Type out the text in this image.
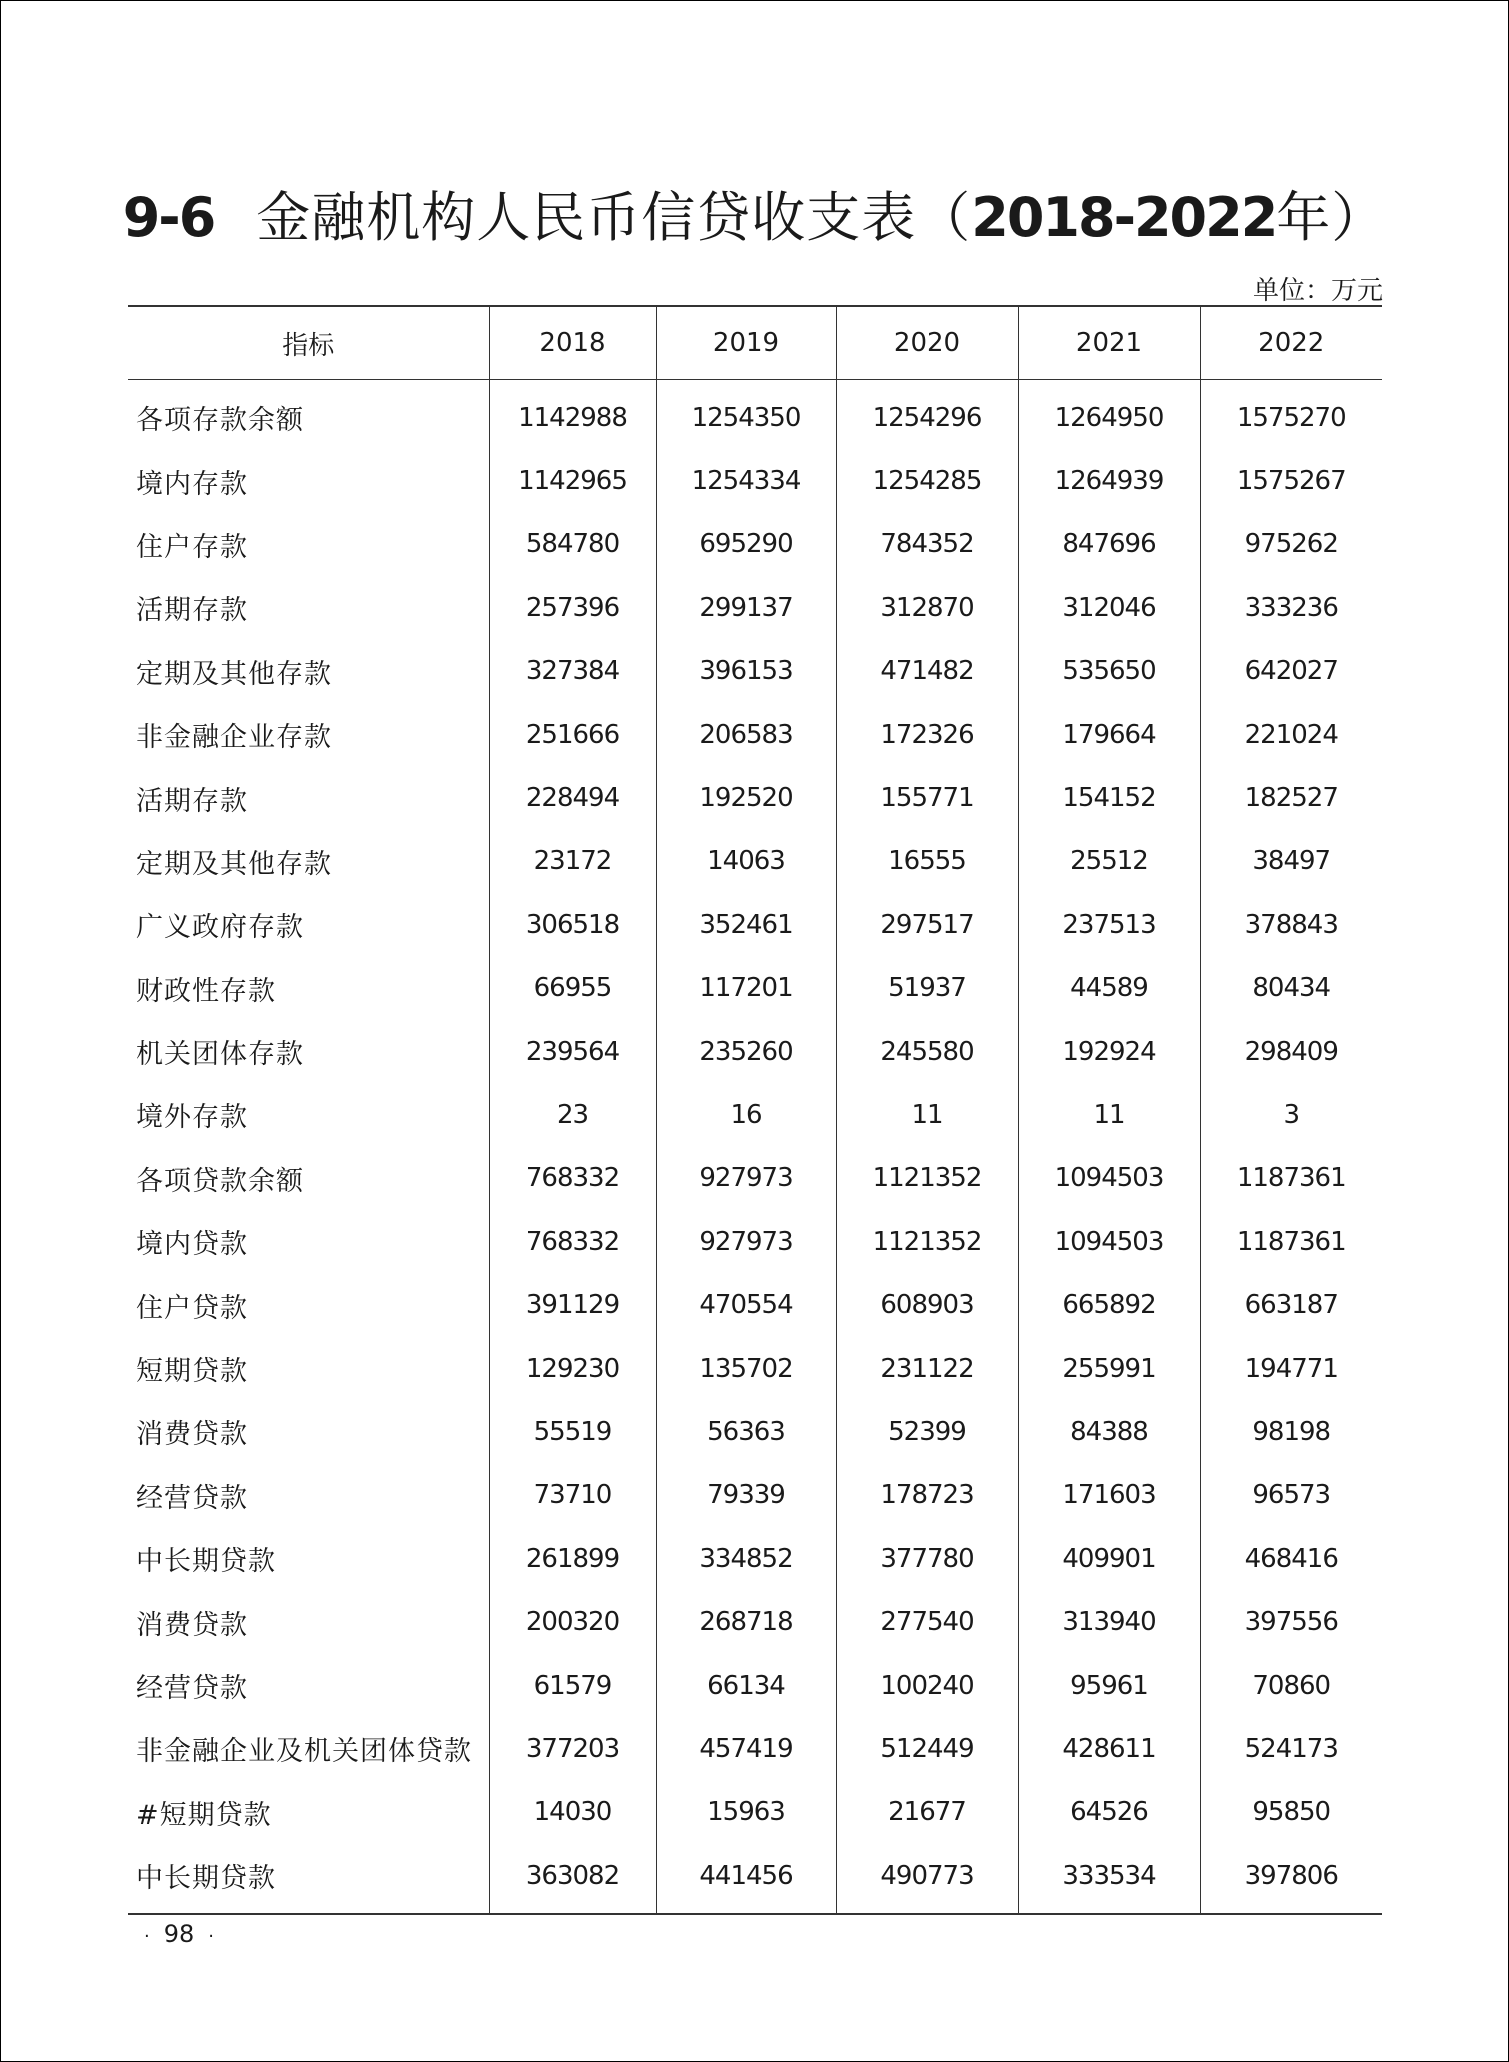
9-6 金融机构人民币信贷收支表（2018-2022年）
单位：万元
指标	2018	2019	2020	2021	2022
各项存款余额	1142988	1254350	1254296	1264950	1575270
境内存款	1142965	1254334	1254285	1264939	1575267
住户存款	584780	695290	784352	847696	975262
活期存款	257396	299137	312870	312046	333236
定期及其他存款	327384	396153	471482	535650	642027
非金融企业存款	251666	206583	172326	179664	221024
活期存款	228494	192520	155771	154152	182527
定期及其他存款	23172	14063	16555	25512	38497
广义政府存款	306518	352461	297517	237513	378843
财政性存款	66955	117201	51937	44589	80434
机关团体存款	239564	235260	245580	192924	298409
境外存款	23	16	11	11	3
各项贷款余额	768332	927973	1121352	1094503	1187361
境内贷款	768332	927973	1121352	1094503	1187361
住户贷款	391129	470554	608903	665892	663187
短期贷款	129230	135702	231122	255991	194771
消费贷款	55519	56363	52399	84388	98198
经营贷款	73710	79339	178723	171603	96573
中长期贷款	261899	334852	377780	409901	468416
消费贷款	200320	268718	277540	313940	397556
经营贷款	61579	66134	100240	95961	70860
非金融企业及机关团体贷款	377203	457419	512449	428611	524173
#短期贷款	14030	15963	21677	64526	95850
中长期贷款	363082	441456	490773	333534	397806
· 98 ·
